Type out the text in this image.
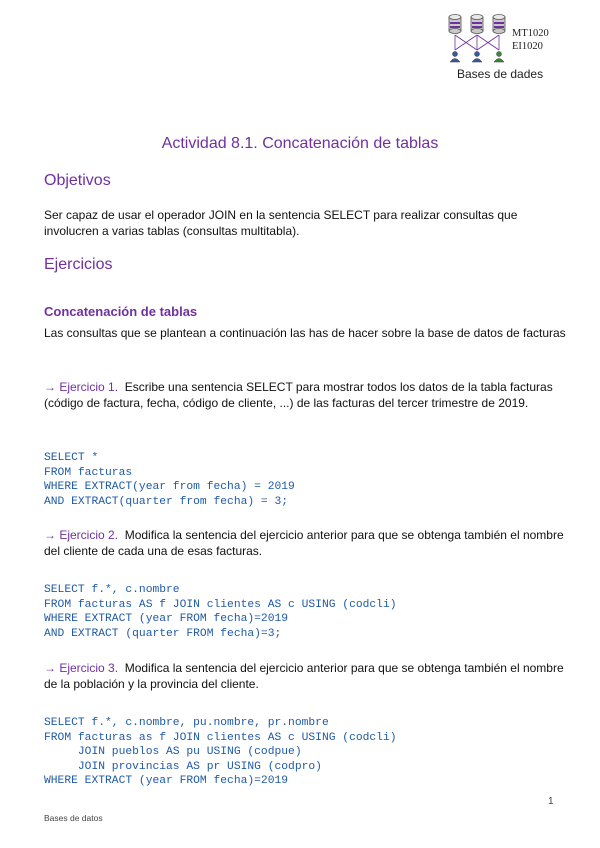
MT1020
EI1020
Bases de dades
Actividad 8.1. Concatenación de tablas
Objetivos
Ser capaz de usar el operador JOIN en la sentencia SELECT para realizar consultas que involucren a varias tablas (consultas multitabla).
Ejercicios
Concatenación de tablas
Las consultas que se plantean a continuación las has de hacer sobre la base de datos de facturas
→ Ejercicio 1. Escribe una sentencia SELECT para mostrar todos los datos de la tabla facturas (código de factura, fecha, código de cliente, ...) de las facturas del tercer trimestre de 2019.
SELECT *
FROM facturas
WHERE EXTRACT(year from fecha) = 2019
AND EXTRACT(quarter from fecha) = 3;
→ Ejercicio 2. Modifica la sentencia del ejercicio anterior para que se obtenga también el nombre del cliente de cada una de esas facturas.
SELECT f.*, c.nombre
FROM facturas AS f JOIN clientes AS c USING (codcli)
WHERE EXTRACT (year FROM fecha)=2019
AND EXTRACT (quarter FROM fecha)=3;
→ Ejercicio 3. Modifica la sentencia del ejercicio anterior para que se obtenga también el nombre de la población y la provincia del cliente.
SELECT f.*, c.nombre, pu.nombre, pr.nombre
FROM facturas as f JOIN clientes AS c USING (codcli)
JOIN pueblos AS pu USING (codpue)
JOIN provincias AS pr USING (codpro)
WHERE EXTRACT (year FROM fecha)=2019
1
Bases de datos
